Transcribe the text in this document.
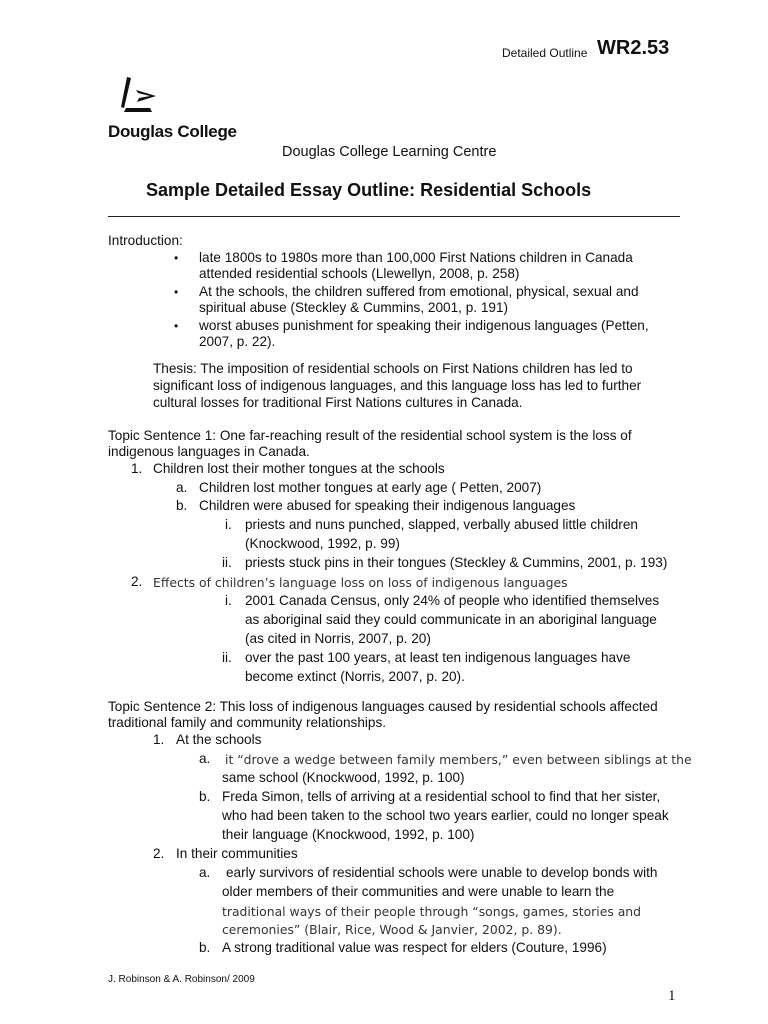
Detailed Outline WR2.53
Douglas College
Douglas College Learning Centre
Sample Detailed Essay Outline: Residential Schools
Introduction:
• late 1800s to 1980s more than 100,000 First Nations children in Canada
attended residential schools (Llewellyn, 2008, p. 258)
• At the schools, the children suffered from emotional, physical, sexual and
spiritual abuse (Steckley & Cummins, 2001, p. 191)
• worst abuses punishment for speaking their indigenous languages (Petten,
2007, p. 22).
Thesis: The imposition of residential schools on First Nations children has led to
significant loss of indigenous languages, and this language loss has led to further
cultural losses for traditional First Nations cultures in Canada.
Topic Sentence 1: One far-reaching result of the residential school system is the loss of
indigenous languages in Canada.
1. Children lost their mother tongues at the schools
a. Children lost mother tongues at early age ( Petten, 2007)
b. Children were abused for speaking their indigenous languages
i. priests and nuns punched, slapped, verbally abused little children
(Knockwood, 1992, p. 99)
ii. priests stuck pins in their tongues (Steckley & Cummins, 2001, p. 193)
2. Effects of children’s language loss on loss of indigenous languages
i. 2001 Canada Census, only 24% of people who identified themselves
as aboriginal said they could communicate in an aboriginal language
(as cited in Norris, 2007, p. 20)
ii. over the past 100 years, at least ten indigenous languages have
become extinct (Norris, 2007, p. 20).
Topic Sentence 2: This loss of indigenous languages caused by residential schools affected
traditional family and community relationships.
1. At the schools
a. it “drove a wedge between family members,” even between siblings at the
same school (Knockwood, 1992, p. 100)
b. Freda Simon, tells of arriving at a residential school to find that her sister,
who had been taken to the school two years earlier, could no longer speak
their language (Knockwood, 1992, p. 100)
2. In their communities
a. early survivors of residential schools were unable to develop bonds with
older members of their communities and were unable to learn the
traditional ways of their people through “songs, games, stories and
ceremonies” (Blair, Rice, Wood & Janvier, 2002, p. 89).
b. A strong traditional value was respect for elders (Couture, 1996)
J. Robinson & A. Robinson/ 2009
1
